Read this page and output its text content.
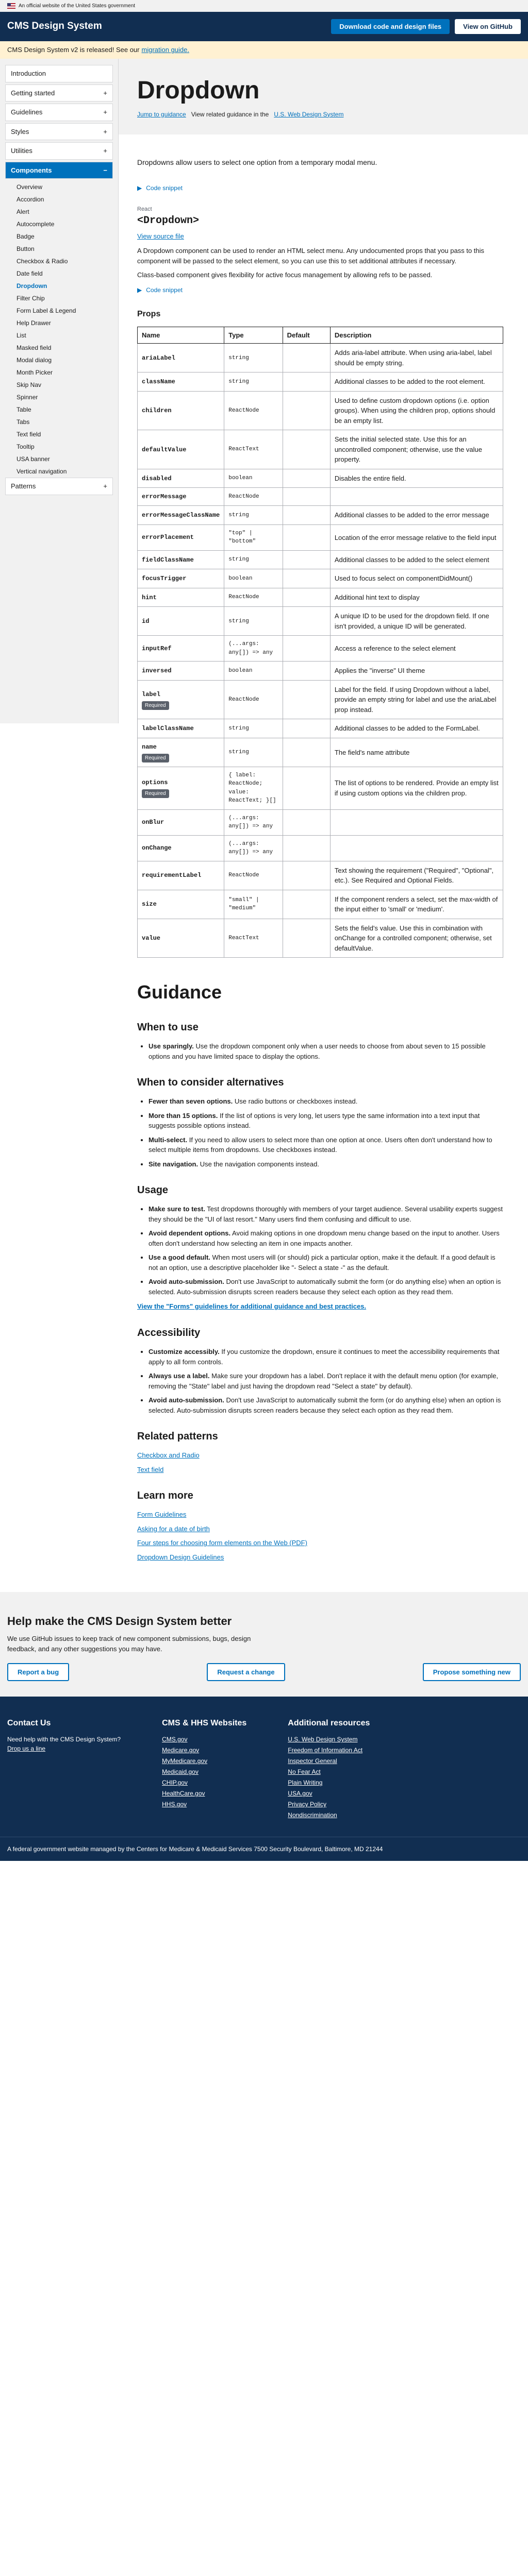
An official website of the United States government
CMS Design System	Download code and design files	View on GitHub
CMS Design System v2 is released! See our migration guide.
Introduction
Getting started	+
Guidelines	+
Styles	+
Utilities	+
Components	−
Overview
Accordion
Alert
Autocomplete
Badge
Button
Checkbox & Radio
Date field
Dropdown
Filter Chip
Form Label & Legend
Help Drawer
List
Masked field
Modal dialog
Month Picker
Skip Nav
Spinner
Table
Tabs
Text field
Tooltip
USA banner
Vertical navigation
Patterns	+
Dropdown
Jump to guidance View related guidance in the U.S. Web Design System

Dropdowns allow users to select one option from a temporary modal menu.

▶ Code snippet
React
<Dropdown>
View source file

A Dropdown component can be used to render an HTML select menu. Any undocumented props that you pass to this component will be passed to the select element, so you can use this to set additional attributes if necessary.

Class-based component gives flexibility for active focus management by allowing refs to be passed.

▶ Code snippet
Props
Name	Type	Default	Description

ariaLabel	string		Adds aria-label attribute. When using aria-label, label should be empty string.

className	string		Additional classes to be added to the root element.

children	ReactNode		Used to define custom dropdown options (i.e. option groups). When using the children prop, options should be an empty list.

defaultValue	ReactText		Sets the initial selected state. Use this for an uncontrolled component; otherwise, use the value property.

disabled	boolean		Disables the entire field.

errorMessage	ReactNode		

errorMessageClassName	string		Additional classes to be added to the error message

errorPlacement	"top" | "bottom"		Location of the error message relative to the field input

fieldClassName	string		Additional classes to be added to the select element

focusTrigger	boolean		Used to focus select on componentDidMount()

hint	ReactNode		Additional hint text to display

id	string		A unique ID to be used for the dropdown field. If one isn't provided, a unique ID will be generated.

inputRef	(...args: any[]) => any		Access a reference to the select element

inversed	boolean		Applies the "inverse" UI theme

label
Required	ReactNode		Label for the field. If using Dropdown without a label, provide an empty string for label and use the ariaLabel prop instead.

labelClassName	string		Additional classes to be added to the FormLabel.

name
Required	string		The field's name attribute

options
Required	{ label: ReactNode; value: ReactText; }[]		The list of options to be rendered. Provide an empty list if using custom options via the children prop.

onBlur	(...args: any[]) => any		

onChange	(...args: any[]) => any		

requirementLabel	ReactNode		Text showing the requirement ("Required", "Optional", etc.). See Required and Optional Fields.

size	"small" | "medium"		If the component renders a select, set the max-width of the input either to 'small' or 'medium'.

value	ReactText		Sets the field's value. Use this in combination with onChange for a controlled component; otherwise, set defaultValue.
Guidance
When to use
• Use sparingly. Use the dropdown component only when a user needs to choose from about seven to 15 possible options and you have limited space to display the options.
When to consider alternatives
• Fewer than seven options. Use radio buttons or checkboxes instead.
• More than 15 options. If the list of options is very long, let users type the same information into a text input that suggests possible options instead.
• Multi-select. If you need to allow users to select more than one option at once. Users often don't understand how to select multiple items from dropdowns. Use checkboxes instead.
• Site navigation. Use the navigation components instead.
Usage
• Make sure to test. Test dropdowns thoroughly with members of your target audience. Several usability experts suggest they should be the "UI of last resort." Many users find them confusing and difficult to use.
• Avoid dependent options. Avoid making options in one dropdown menu change based on the input to another. Users often don't understand how selecting an item in one impacts another.
• Use a good default. When most users will (or should) pick a particular option, make it the default. If a good default is not an option, use a descriptive placeholder like "- Select a state -" as the default.
• Avoid auto-submission. Don't use JavaScript to automatically submit the form (or do anything else) when an option is selected. Auto-submission disrupts screen readers because they select each option as they read them.
View the "Forms" guidelines for additional guidance and best practices.
Accessibility
• Customize accessibly. If you customize the dropdown, ensure it continues to meet the accessibility requirements that apply to all form controls.
• Always use a label. Make sure your dropdown has a label. Don't replace it with the default menu option (for example, removing the "State" label and just having the dropdown read "Select a state" by default).
• Avoid auto-submission. Don't use JavaScript to automatically submit the form (or do anything else) when an option is selected. Auto-submission disrupts screen readers because they select each option as they read them.
Related patterns
Checkbox and Radio
Text field
Learn more
Form Guidelines
Asking for a date of birth
Four steps for choosing form elements on the Web (PDF)
Dropdown Design Guidelines
Help make the CMS Design System better

We use GitHub issues to keep track of new component submissions, bugs, design feedback, and any other suggestions you may have.

Report a bug	Request a change	Propose something new
Contact Us
Need help with the CMS Design System?
Drop us a line
CMS & HHS Websites
CMS.gov
Medicare.gov
MyMedicare.gov
Medicaid.gov
CHIP.gov
HealthCare.gov
HHS.gov
Additional resources
U.S. Web Design System
Freedom of Information Act
Inspector General
No Fear Act
Plain Writing
USA.gov
Privacy Policy
Nondiscrimination
A federal government website managed by the Centers for Medicare & Medicaid Services 7500 Security Boulevard, Baltimore, MD 21244
